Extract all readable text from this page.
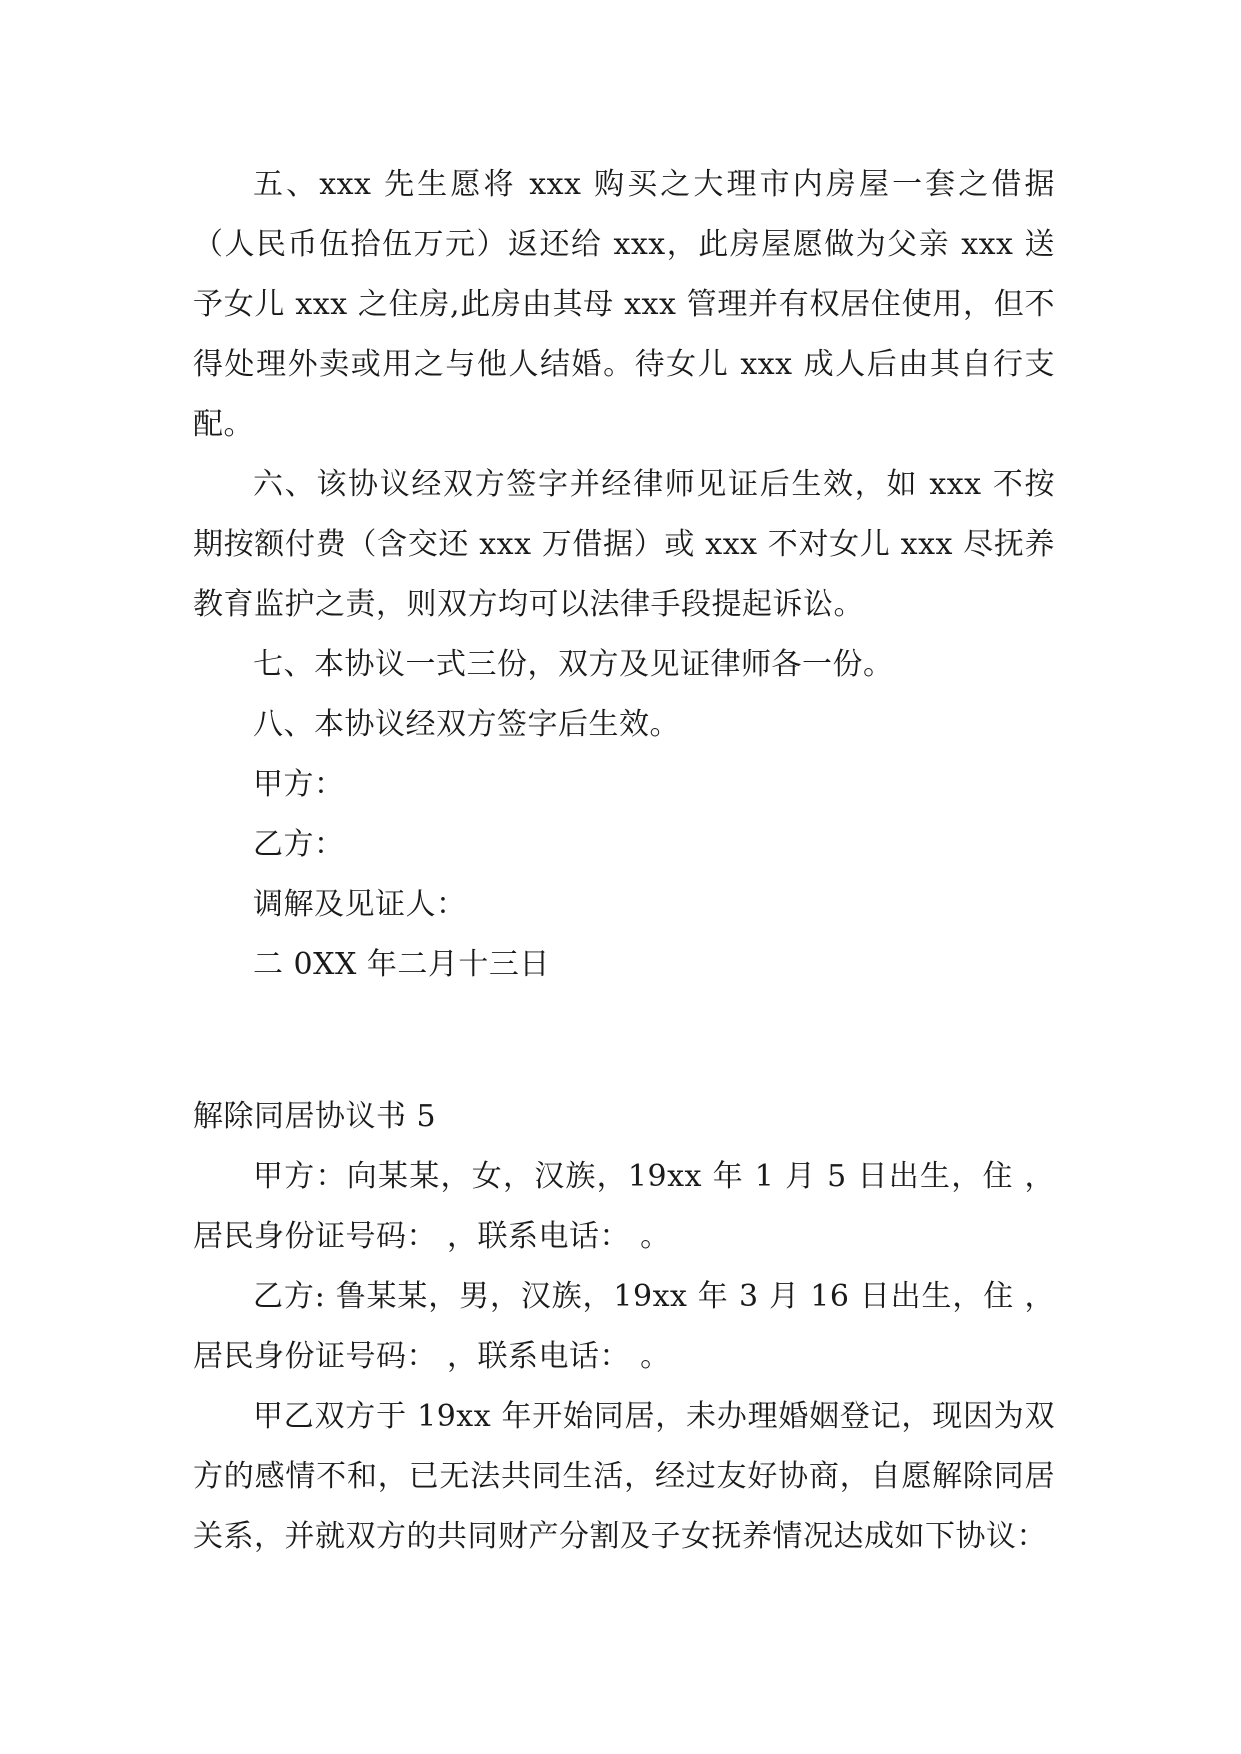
五、xxx 先生愿将 xxx 购买之大理市内房屋一套之借据（人民币伍拾伍万元）返还给 xxx，此房屋愿做为父亲 xxx 送予女儿 xxx 之住房,此房由其母 xxx 管理并有权居住使用，但不得处理外卖或用之与他人结婚。待女儿 xxx 成人后由其自行支配。

六、该协议经双方签字并经律师见证后生效，如 xxx 不按期按额付费（含交还 xxx 万借据）或 xxx 不对女儿 xxx 尽抚养教育监护之责，则双方均可以法律手段提起诉讼。

七、本协议一式三份，双方及见证律师各一份。

八、本协议经双方签字后生效。

甲方：

乙方：

调解及见证人：

二 0XX 年二月十三日

解除同居协议书 5

甲方：向某某，女，汉族，19xx 年 1 月 5 日出生，住 ，居民身份证号码： ，联系电话： 。

乙方: 鲁某某，男，汉族，19xx 年 3 月 16 日出生，住 ，居民身份证号码： ，联系电话： 。

甲乙双方于 19xx 年开始同居，未办理婚姻登记，现因为双方的感情不和，已无法共同生活，经过友好协商，自愿解除同居关系，并就双方的共同财产分割及子女抚养情况达成如下协议：
